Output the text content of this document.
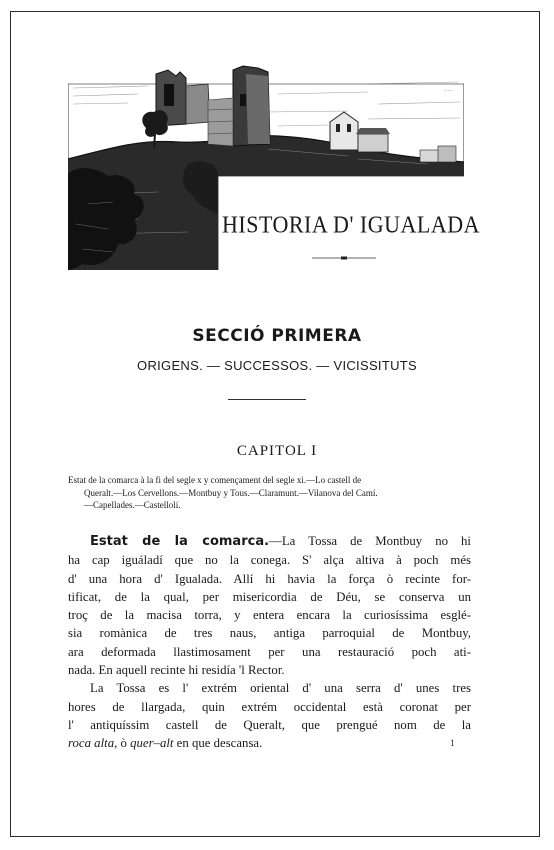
·····
HISTORIA D' IGUALADA
SECCIÓ PRIMERA
ORIGENS. — SUCCESSOS. — VICISSITUTS
CAPITOL I
Estat de la comarca à la fi del segle x y començament del segle xi.—Lo castell de
Queralt.—Los Cervellons.—Montbuy y Tous.—Claramunt.—Vilanova del Camí.
—Capellades.—Castellolí.
Estat de la comarca.—La Tossa de Montbuy no hi
ha cap iguáladí que no la conega. S' alça altiva à poch més
d' una hora d' Igualada. Allí hi havia la força ò recinte for-
tificat, de la qual, per misericordia de Déu, se conserva un
troç de la macisa torra, y entera encara la curiosíssima esglé-
sia romànica de tres naus, antiga parroquial de Montbuy,
ara deformada llastimosament per una restauració poch ati-
nada. En aquell recinte hi residía 'l Rector.
La Tossa es l' extrém oriental d' una serra d' unes tres
hores de llargada, quin extrém occidental està coronat per
l' antiquíssim castell de Queralt, que prengué nom de la
roca alta, ò quer–alt en que descansa.	1
